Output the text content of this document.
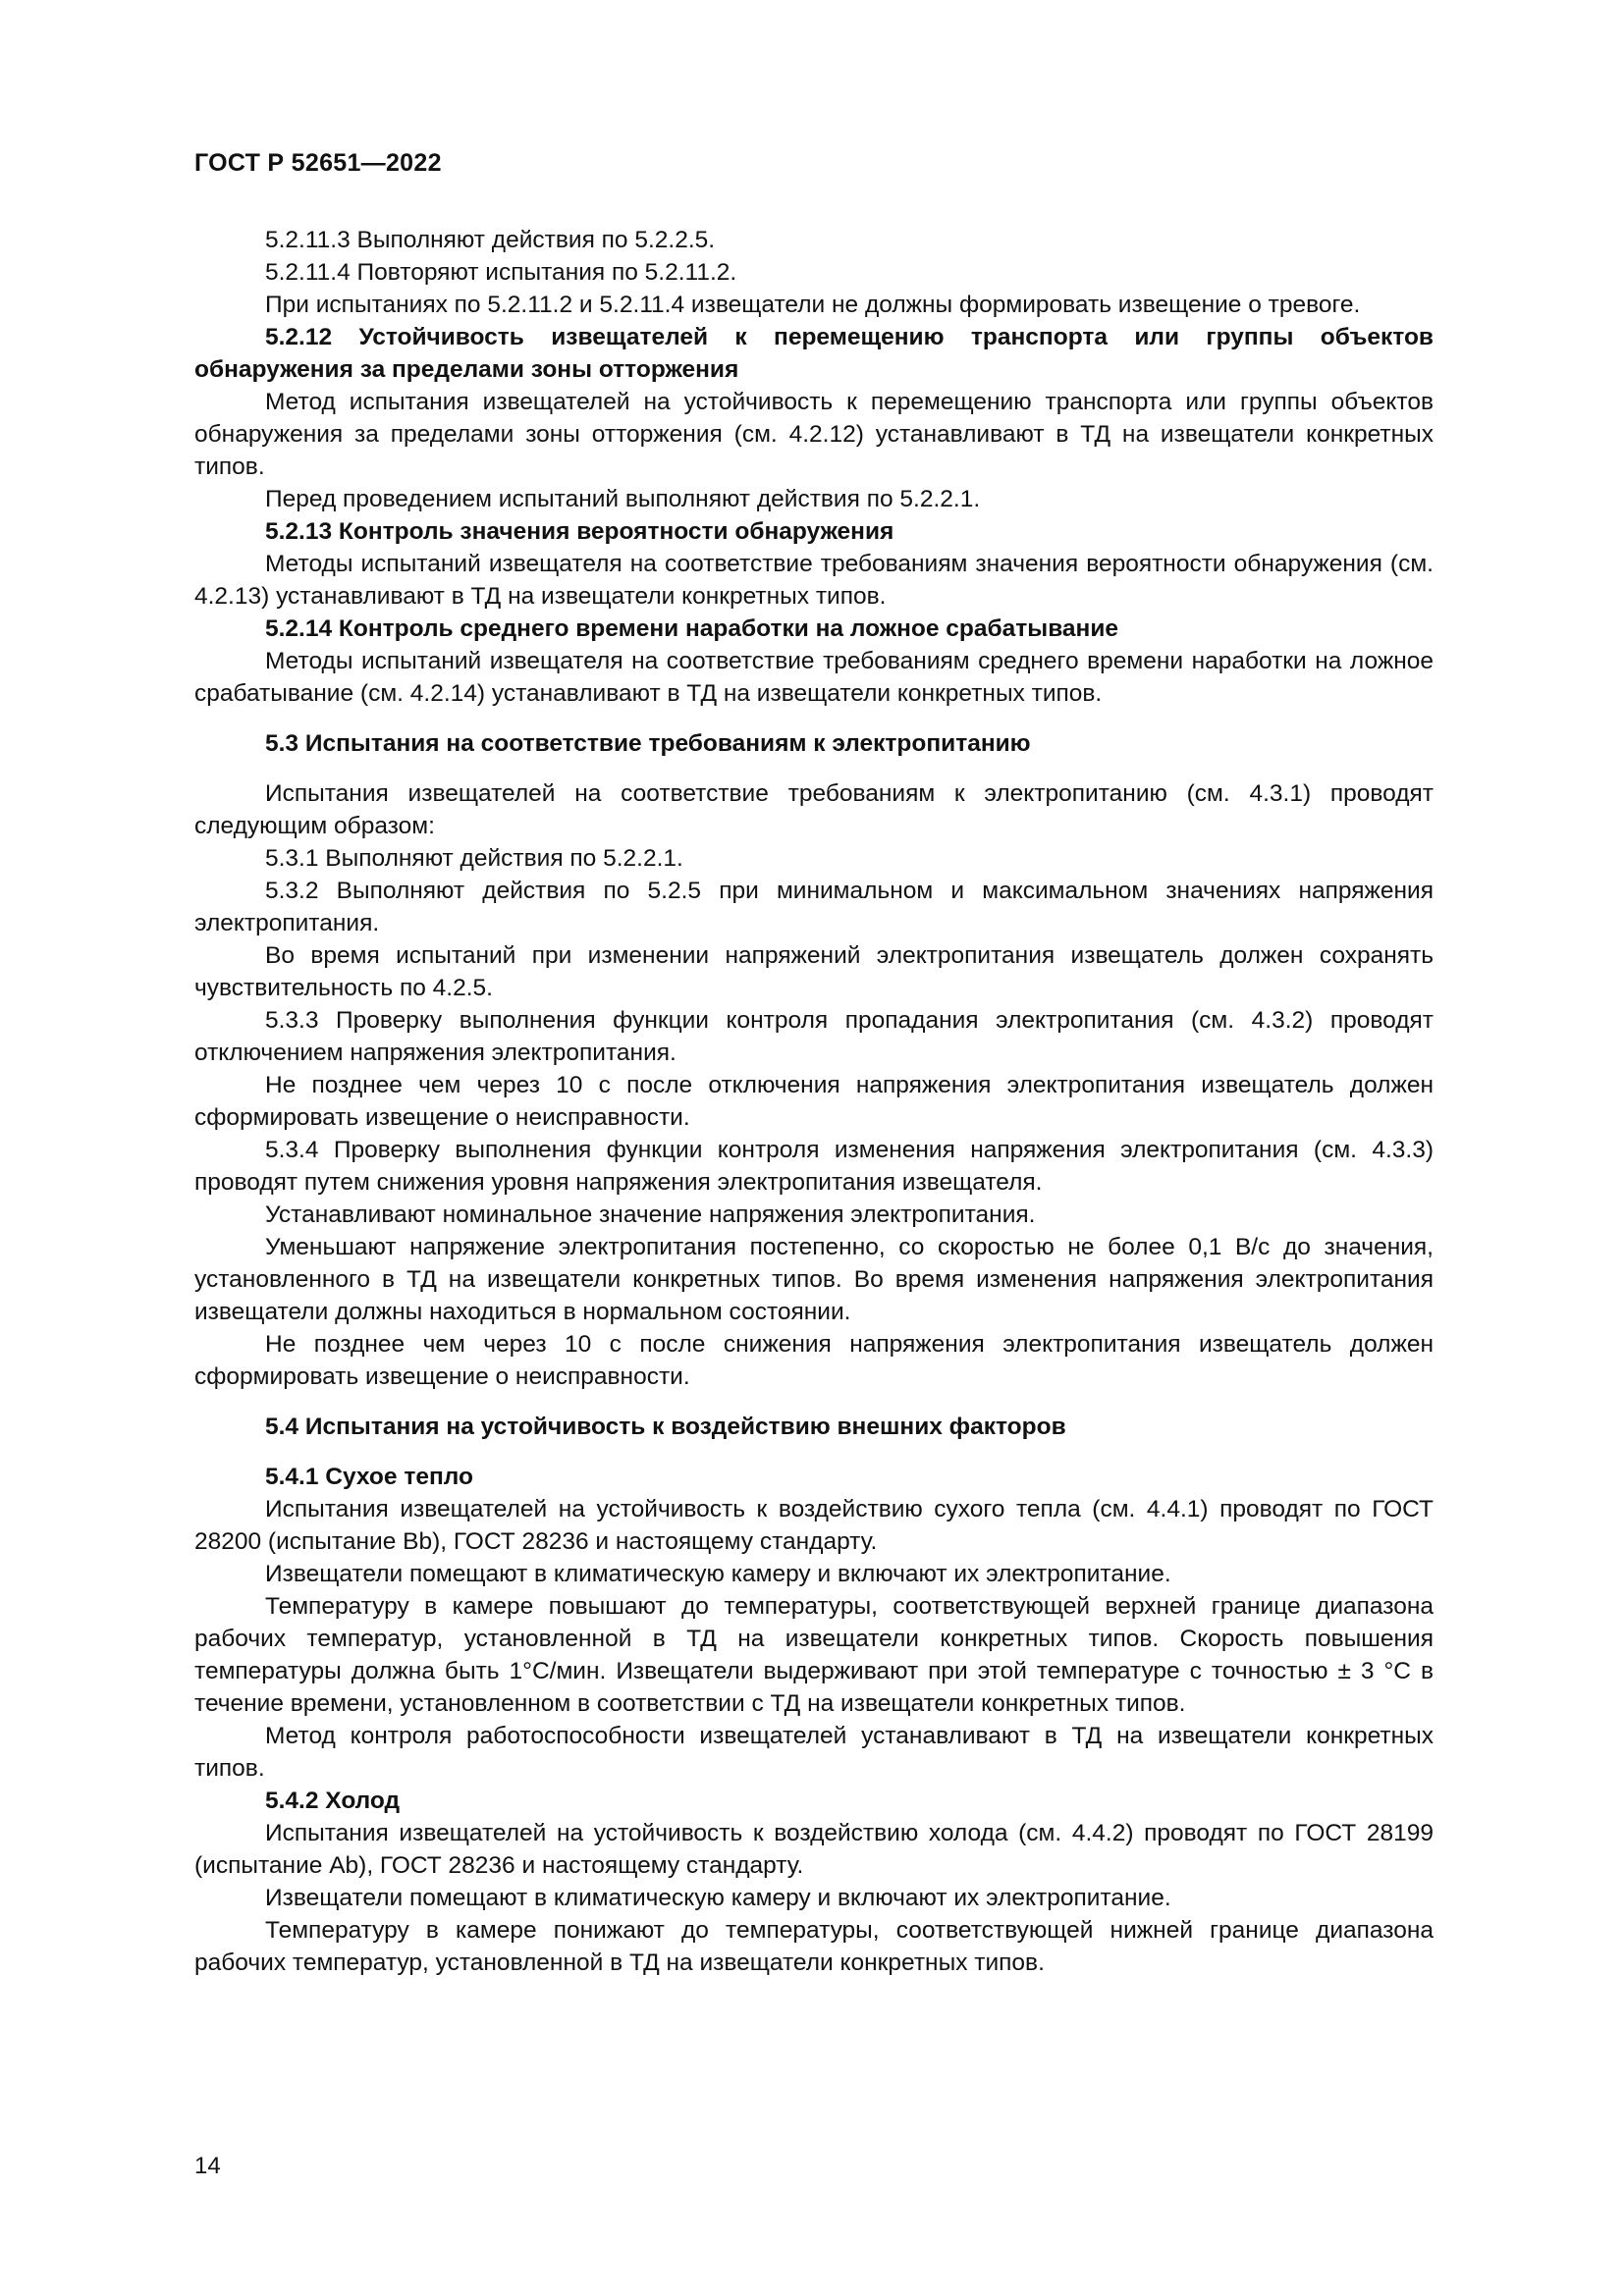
ГОСТ Р 52651—2022

5.2.11.3 Выполняют действия по 5.2.2.5.

5.2.11.4 Повторяют испытания по 5.2.11.2.

При испытаниях по 5.2.11.2 и 5.2.11.4 извещатели не должны формировать извещение о тревоге.

5.2.12 Устойчивость извещателей к перемещению транспорта или группы объектов обнаружения за пределами зоны отторжения

Метод испытания извещателей на устойчивость к перемещению транспорта или группы объектов обнаружения за пределами зоны отторжения (см. 4.2.12) устанавливают в ТД на извещатели конкретных типов.

Перед проведением испытаний выполняют действия по 5.2.2.1.

5.2.13 Контроль значения вероятности обнаружения

Методы испытаний извещателя на соответствие требованиям значения вероятности обнаружения (см. 4.2.13) устанавливают в ТД на извещатели конкретных типов.

5.2.14 Контроль среднего времени наработки на ложное срабатывание

Методы испытаний извещателя на соответствие требованиям среднего времени наработки на ложное срабатывание (см. 4.2.14) устанавливают в ТД на извещатели конкретных типов.

5.3 Испытания на соответствие требованиям к электропитанию

Испытания извещателей на соответствие требованиям к электропитанию (см. 4.3.1) проводят следующим образом:

5.3.1 Выполняют действия по 5.2.2.1.

5.3.2 Выполняют действия по 5.2.5 при минимальном и максимальном значениях напряжения электропитания.

Во время испытаний при изменении напряжений электропитания извещатель должен сохранять чувствительность по 4.2.5.

5.3.3 Проверку выполнения функции контроля пропадания электропитания (см. 4.3.2) проводят отключением напряжения электропитания.

Не позднее чем через 10 с после отключения напряжения электропитания извещатель должен сформировать извещение о неисправности.

5.3.4 Проверку выполнения функции контроля изменения напряжения электропитания (см. 4.3.3) проводят путем снижения уровня напряжения электропитания извещателя.

Устанавливают номинальное значение напряжения электропитания.

Уменьшают напряжение электропитания постепенно, со скоростью не более 0,1 В/с до значения, установленного в ТД на извещатели конкретных типов. Во время изменения напряжения электропитания извещатели должны находиться в нормальном состоянии.

Не позднее чем через 10 с после снижения напряжения электропитания извещатель должен сформировать извещение о неисправности.

5.4 Испытания на устойчивость к воздействию внешних факторов

5.4.1 Сухое тепло

Испытания извещателей на устойчивость к воздействию сухого тепла (см. 4.4.1) проводят по ГОСТ 28200 (испытание Bb), ГОСТ 28236 и настоящему стандарту.

Извещатели помещают в климатическую камеру и включают их электропитание.

Температуру в камере повышают до температуры, соответствующей верхней границе диапазона рабочих температур, установленной в ТД на извещатели конкретных типов. Скорость повышения температуры должна быть 1°С/мин. Извещатели выдерживают при этой температуре с точностью ± 3 °С в течение времени, установленном в соответствии с ТД на извещатели конкретных типов.

Метод контроля работоспособности извещателей устанавливают в ТД на извещатели конкретных типов.

5.4.2 Холод

Испытания извещателей на устойчивость к воздействию холода (см. 4.4.2) проводят по ГОСТ 28199 (испытание Ab), ГОСТ 28236 и настоящему стандарту.

Извещатели помещают в климатическую камеру и включают их электропитание.

Температуру в камере понижают до температуры, соответствующей нижней границе диапазона рабочих температур, установленной в ТД на извещатели конкретных типов.

14
